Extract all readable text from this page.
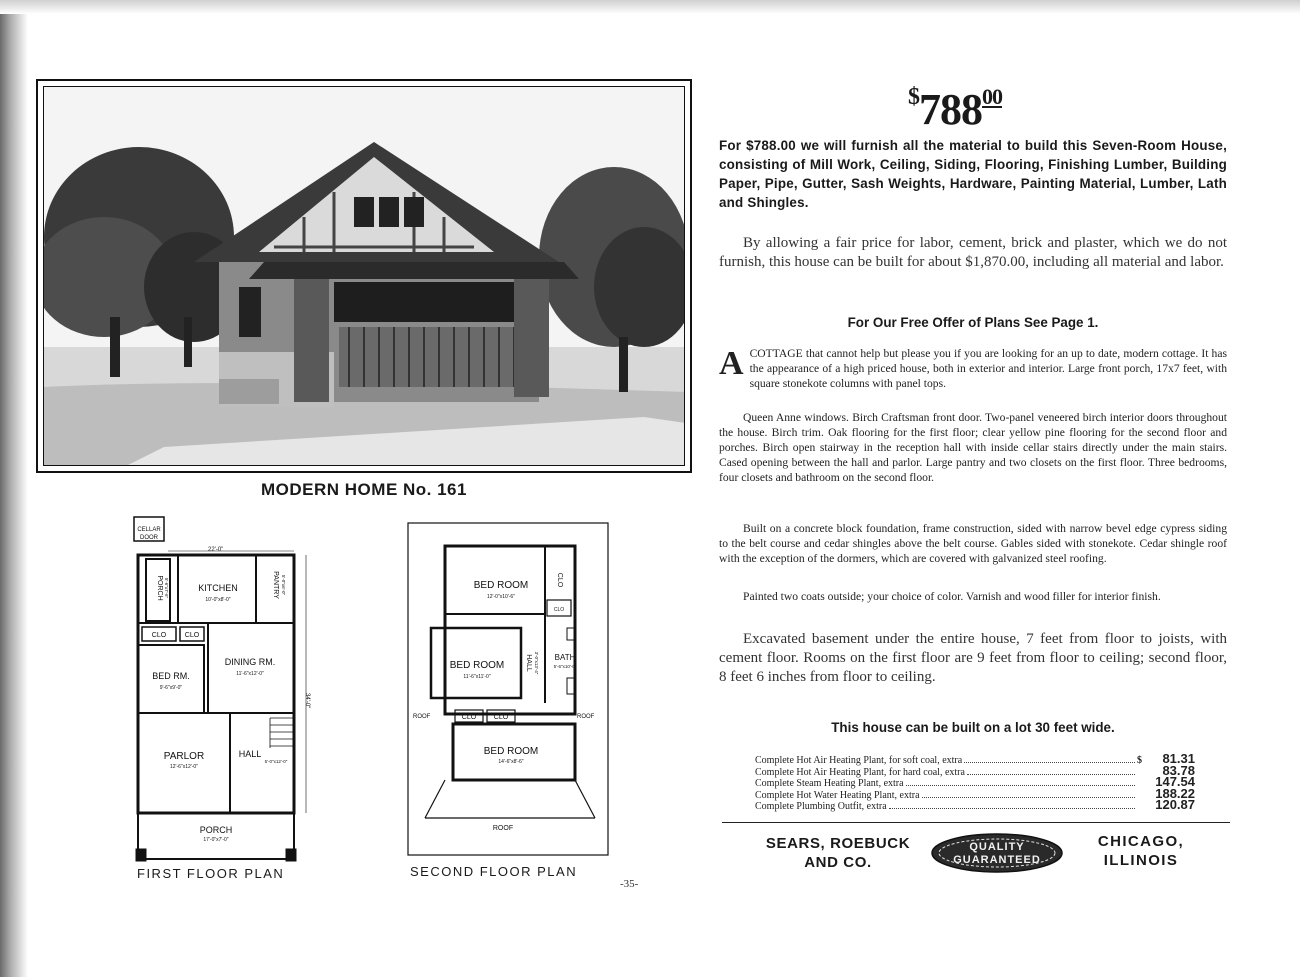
MODERN HOME No. 161
CELLAR
DOOR
22'-0"
34'-0"
PORCH 5'-6"x7'-6"	KITCHEN
10'-0"x8'-0"
PANTRY 5'-0"x6'-0"
CLO	CLO
BED RM.
9'-6"x9'-0"
DINING RM.
11'-6"x12'-0"
PARLOR
12'-6"x12'-0"
HALL
5'-0"x12'-0"
PORCH
17'-0"x7'-0"
FIRST FLOOR PLAN
BED ROOM
12'-0"x10'-6"
CLO
CLO
BED ROOM
11'-6"x11'-0"
HALL 3'-0"x13'-4" BATH
5'-6"x10'-0"
ROOF	ROOF
CLO	CLO
BED ROOM
14'-6"x8'-6"
ROOF
SECOND FLOOR PLAN
-35-
$^{\$}788^{00}$
For $788.00 we will furnish all the material to build this Seven-Room House, consisting of Mill Work, Ceiling, Siding, Flooring, Finishing Lumber, Building Paper, Pipe, Gutter, Sash Weights, Hardware, Painting Material, Lumber, Lath and Shingles.
By allowing a fair price for labor, cement, brick and plaster, which we do not furnish, this house can be built for about $1,870.00, including all material and labor.
For Our Free Offer of Plans See Page 1.
ACOTTAGE that cannot help but please you if you are looking for an up to date, modern cottage. It has the appearance of a high priced house, both in exterior and interior. Large front porch, 17x7 feet, with square stonekote columns with panel tops.
Queen Anne windows. Birch Craftsman front door. Two-panel veneered birch interior doors throughout the house. Birch trim. Oak flooring for the first floor; clear yellow pine flooring for the second floor and porches. Birch open stairway in the reception hall with inside cellar stairs directly under the main stairs. Cased opening between the hall and parlor. Large pantry and two closets on the first floor. Three bedrooms, four closets and bathroom on the second floor.
Built on a concrete block foundation, frame construction, sided with narrow bevel edge cypress siding to the belt course and cedar shingles above the belt course. Gables sided with stonekote. Cedar shingle roof with the exception of the dormers, which are covered with galvanized steel roofing.
Painted two coats outside; your choice of color. Varnish and wood filler for interior finish.
Excavated basement under the entire house, 7 feet from floor to joists, with cement floor. Rooms on the first floor are 9 feet from floor to ceiling; second floor, 8 feet 6 inches from floor to ceiling.
This house can be built on a lot 30 feet wide.
Complete Hot Air Heating Plant, for soft coal, extra	$	81.31
Complete Hot Air Heating Plant, for hard coal, extra	83.78
Complete Steam Heating Plant, extra	147.54
Complete Hot Water Heating Plant, extra	188.22
Complete Plumbing Outfit, extra	120.87
SEARS, ROEBUCK
AND CO.
QUALITY
GUARANTEED
CHICAGO,
ILLINOIS
